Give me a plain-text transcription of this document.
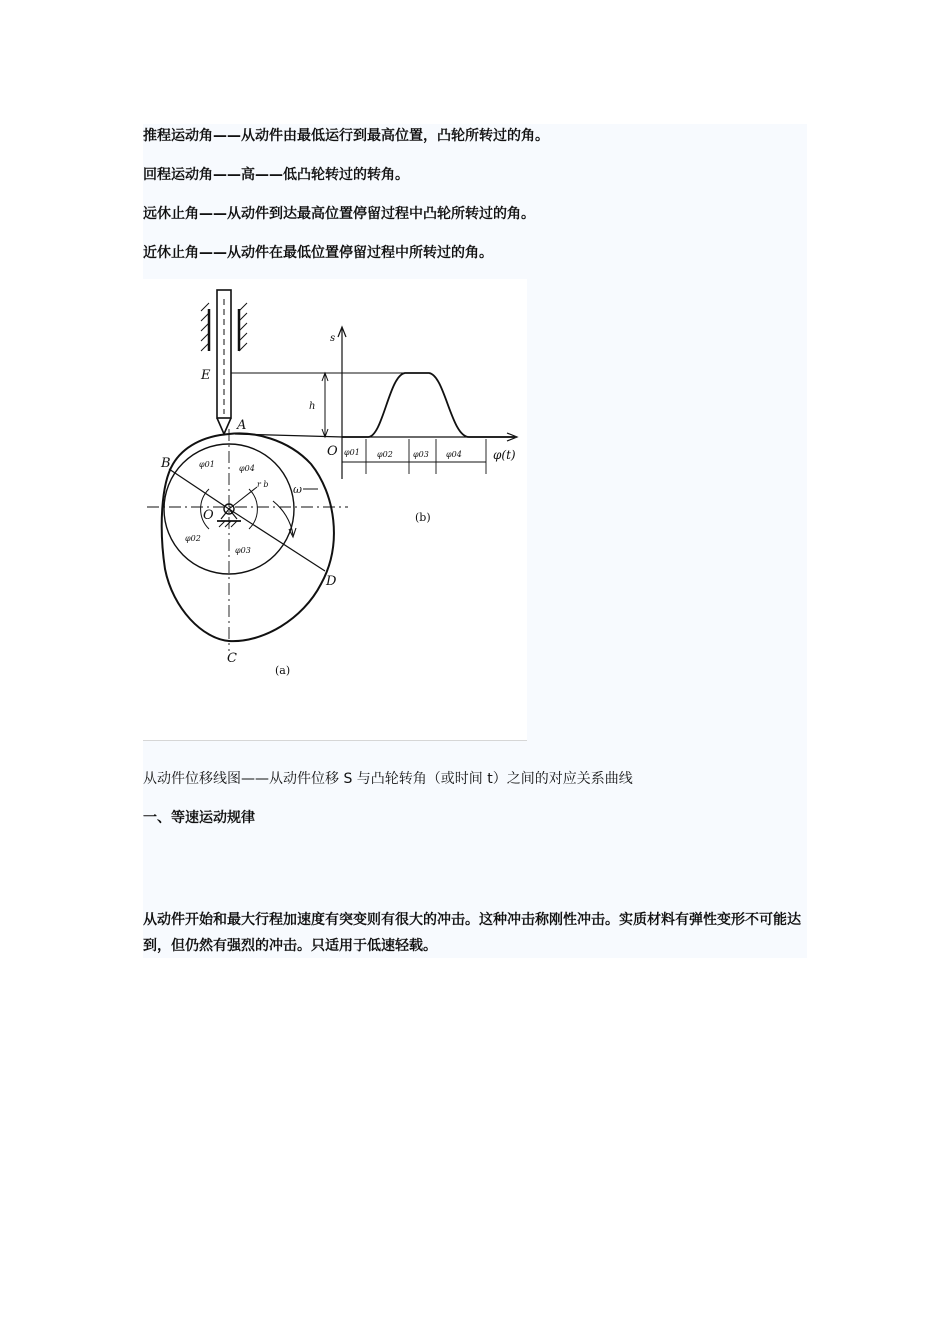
推程运动角——从动件由最低运行到最高位置，凸轮所转过的角。
回程运动角——高——低凸轮转过的转角。
远休止角——从动件到达最高位置停留过程中凸轮所转过的角。
近休止角——从动件在最低位置停留过程中所转过的角。
E
A
B
C
D
O
O
s
h
r b ω
φ01	φ04
φ02
φ03
φ01 φ02	φ03 φ04	φ(t)
(b)
(a)
从动件位移线图——从动件位移 S 与凸轮转角（或时间 t）之间的对应关系曲线
一、等速运动规律
从动件开始和最大行程加速度有突变则有很大的冲击。这种冲击称刚性冲击。实质材料有弹性变形不可能达到，但仍然有强烈的冲击。只适用于低速轻载。
